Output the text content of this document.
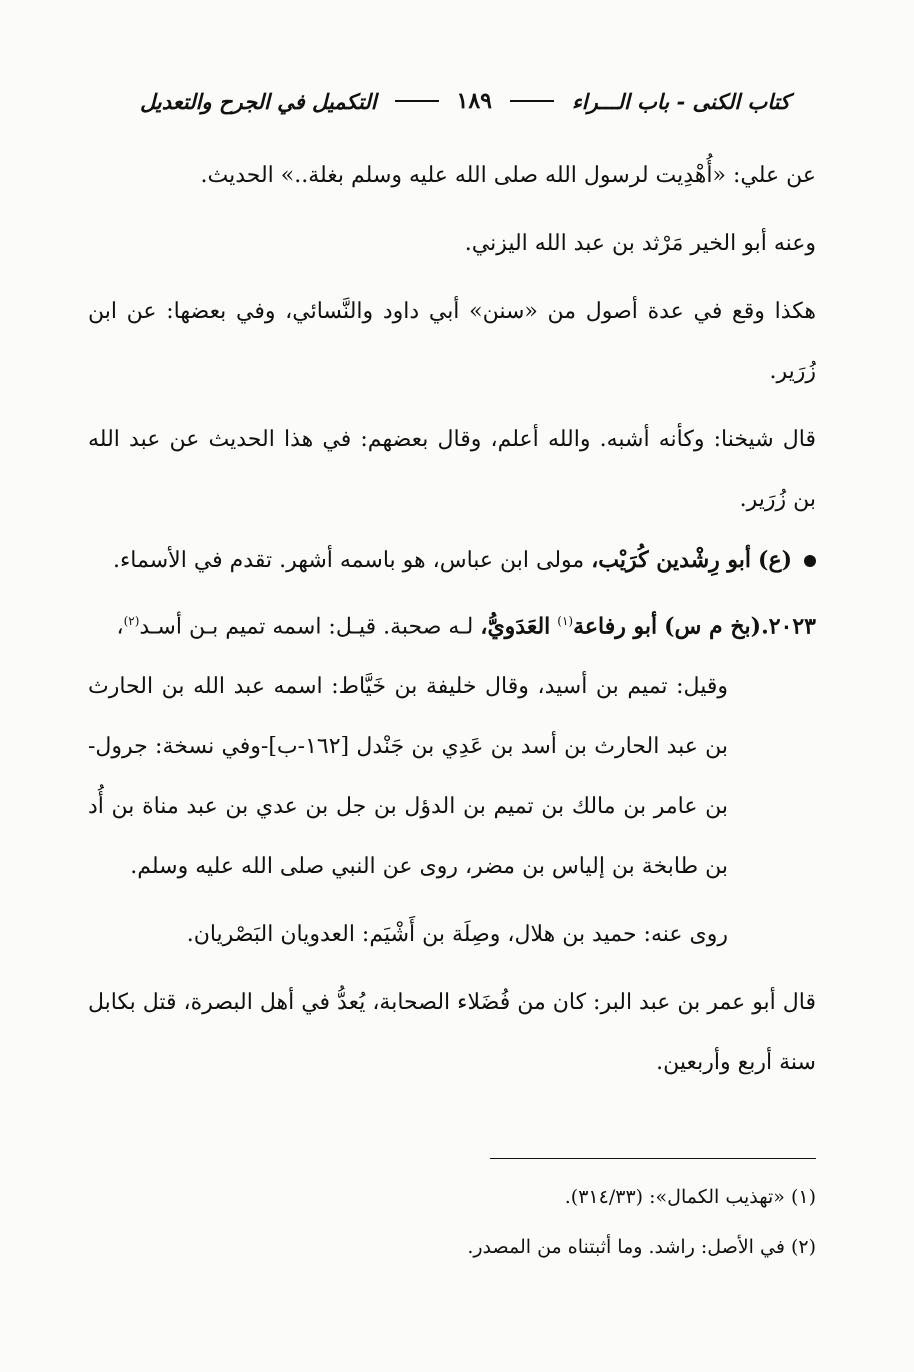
كتاب الكنى - باب الـــراء
١٨٩
التكميل في الجرح والتعديل

عن علي: «أُهْدِيت لرسول الله صلى الله عليه وسلم بغلة..» الحديث.

وعنه أبو الخير مَرْثد بن عبد الله اليزني.

هكذا وقع في عدة أصول من «سنن» أبي داود والنَّسائي، وفي بعضها: عن ابن زُرَير.

قال شيخنا: وكأنه أشبه. والله أعلم، وقال بعضهم: في هذا الحديث عن عبد الله بن زُرَير.

(ع) أبو رِشْدين كُرَيْب، مولى ابن عباس، هو باسمه أشهر. تقدم في الأسماء.

٢٠٢٣.(بخ م س) أبو رفاعة$^{(١)}$ العَدَويُّ، لـه صحبة. قيـل: اسمه تميم بـن أسـد$^{(٢)}$،

وقيل: تميم بن أسيد، وقال خليفة بن خَيَّاط: اسمه عبد الله بن الحارث بن عبد الحارث بن أسد بن عَدِي بن جَنْدل [١٦٢-ب]-وفي نسخة: جرول- بن عامر بن مالك بن تميم بن الدؤل بن جل بن عدي بن عبد مناة بن أُد بن طابخة بن إلياس بن مضر، روى عن النبي صلى الله عليه وسلم.

روى عنه: حميد بن هلال، وصِلَة بن أَشْيَم: العدويان البَصْريان.

قال أبو عمر بن عبد البر: كان من فُضَلاء الصحابة، يُعدُّ في أهل البصرة، قتل بكابل سنة أربع وأربعين.

(١) «تهذيب الكمال»: (٣١٤/٣٣).
(٢) في الأصل: راشد. وما أثبتناه من المصدر.
